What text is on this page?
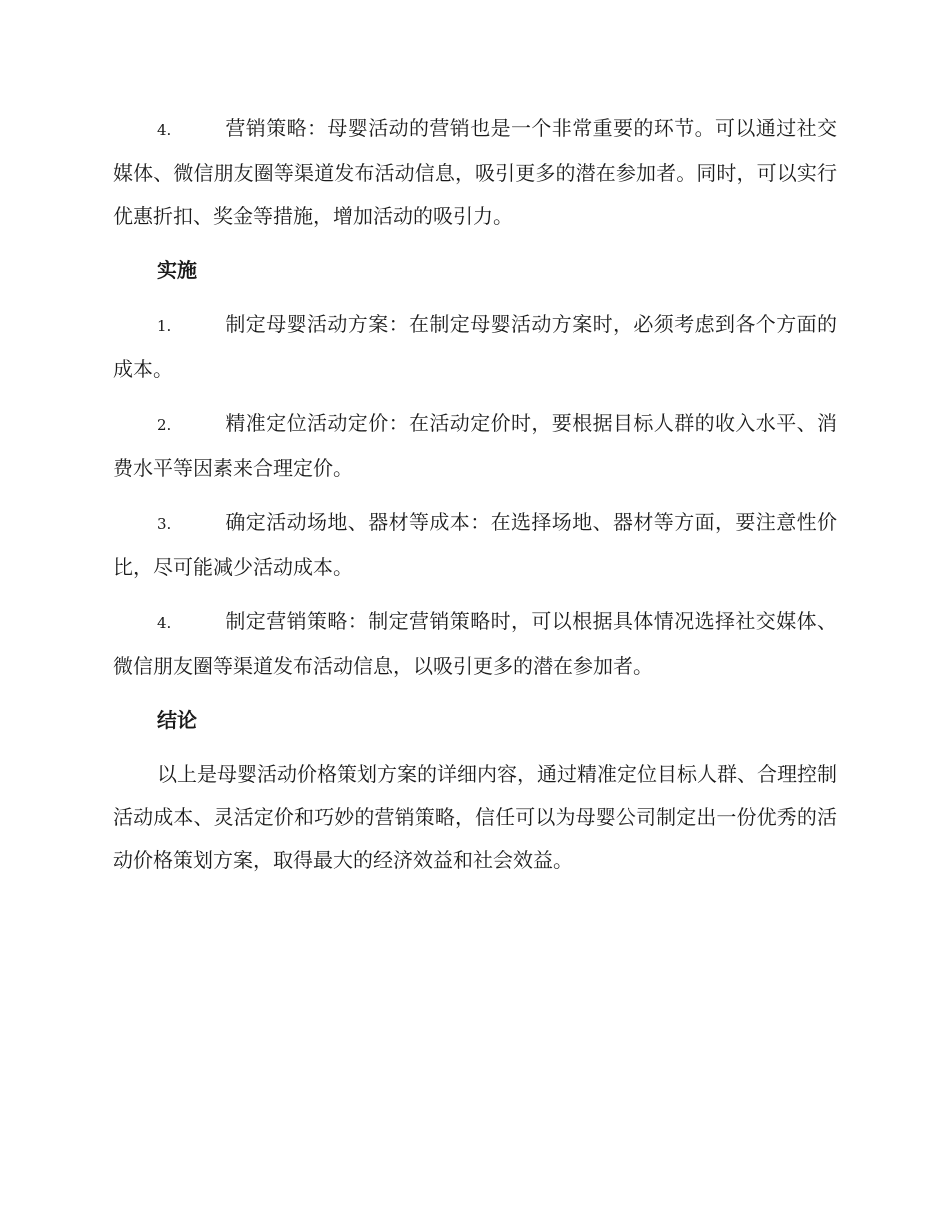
4.	营销策略：母婴活动的营销也是一个非常重要的环节。可以通过社交媒体、微信朋友圈等渠道发布活动信息，吸引更多的潜在参加者。同时，可以实行优惠折扣、奖金等措施，增加活动的吸引力。

实施

1.	制定母婴活动方案：在制定母婴活动方案时，必须考虑到各个方面的成本。

2.	精准定位活动定价：在活动定价时，要根据目标人群的收入水平、消费水平等因素来合理定价。

3.	确定活动场地、器材等成本：在选择场地、器材等方面，要注意性价比，尽可能减少活动成本。

4.	制定营销策略：制定营销策略时，可以根据具体情况选择社交媒体、微信朋友圈等渠道发布活动信息，以吸引更多的潜在参加者。

结论

以上是母婴活动价格策划方案的详细内容，通过精准定位目标人群、合理控制活动成本、灵活定价和巧妙的营销策略，信任可以为母婴公司制定出一份优秀的活动价格策划方案，取得最大的经济效益和社会效益。
